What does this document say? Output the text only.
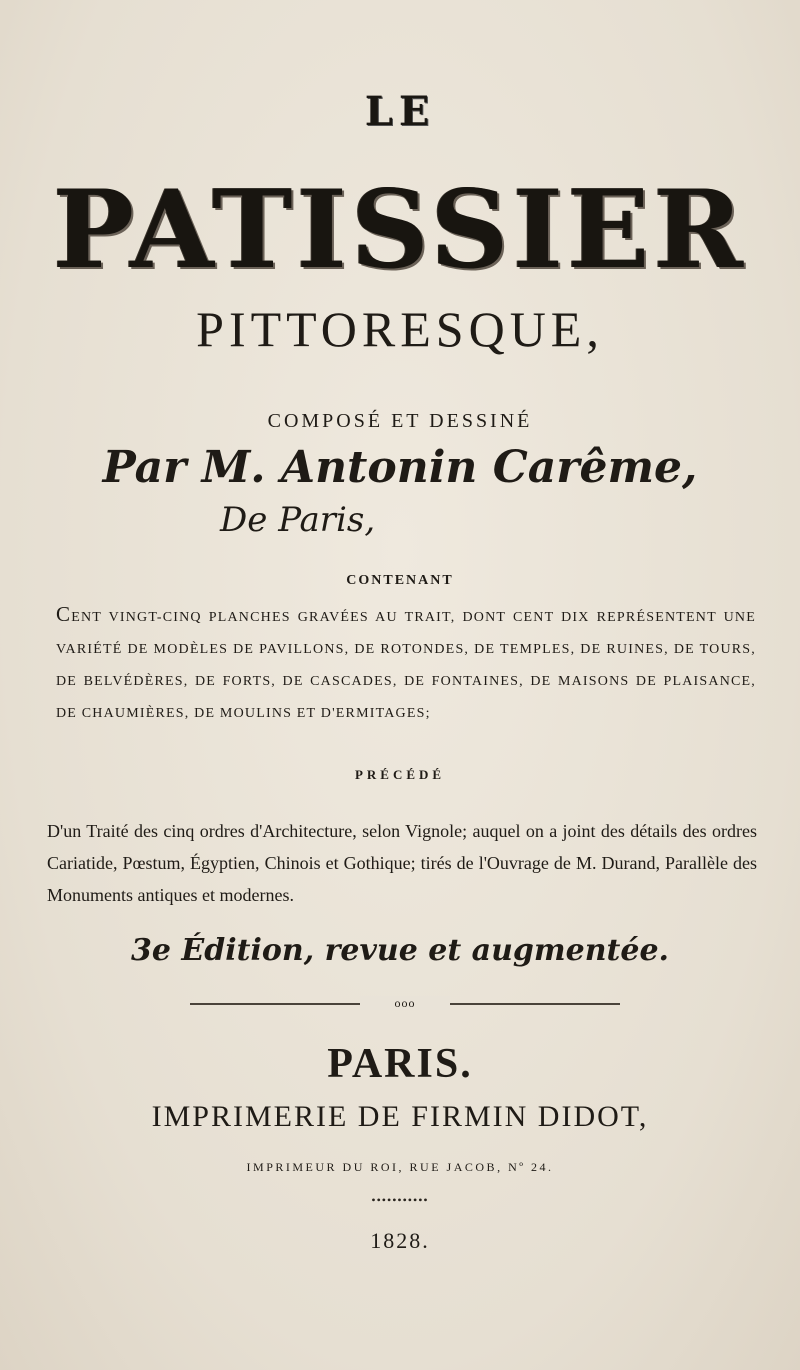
LE
PATISSIER
PITTORESQUE,
COMPOSÉ ET DESSINÉ
Par M. Antonin Carême,
De Paris,
CONTENANT
CENT VINGT-CINQ PLANCHES GRAVÉES AU TRAIT, DONT CENT DIX REPRÉSENTENT UNE VARIÉTÉ DE MODÈLES DE PAVILLONS, DE ROTONDES, DE TEMPLES, DE RUINES, DE TOURS, DE BELVÉDÈRES, DE FORTS, DE CASCADES, DE FONTAINES, DE MAISONS DE PLAISANCE, DE CHAUMIÈRES, DE MOULINS ET D'ERMITAGES;
PRÉCÉDÉ
D'un Traité des cinq ordres d'Architecture, selon Vignole; auquel on a joint des détails des ordres Cariatide, Pœstum, Égyptien, Chinois et Gothique; tirés de l'Ouvrage de M. Durand, Parallèle des Monuments antiques et modernes.
3e Édition, revue et augmentée.
ooo
PARIS.
IMPRIMERIE DE FIRMIN DIDOT,
IMPRIMEUR DU ROI, RUE JACOB, Nº 24.
•••••••••••
1828.
